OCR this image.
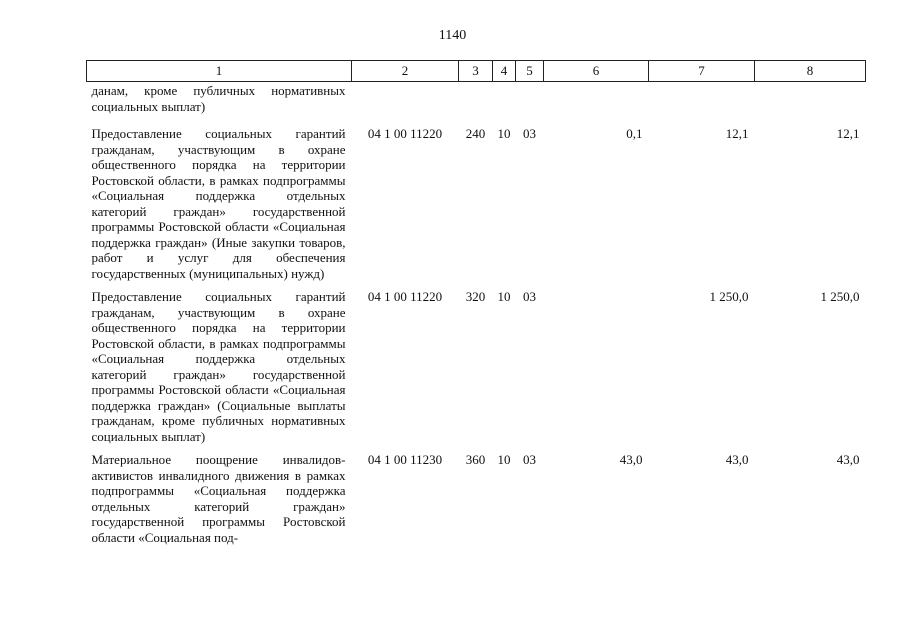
1140
1	2	3	4	5	6	7	8
данам, кроме публичных нормативных социальных выплат)							
Предоставление социальных гарантий гражданам, участвующим в охране общественного порядка на территории Ростовской области, в рамках подпрограммы «Социальная поддержка отдельных категорий граждан» государственной программы Ростовской области «Социальная поддержка граждан» (Иные закупки товаров, работ и услуг для обеспечения государственных (муниципальных) нужд)	04 1 00 11220	240	10	03	0,1	12,1	12,1
Предоставление социальных гарантий гражданам, участвующим в охране общественного порядка на территории Ростовской области, в рамках подпрограммы «Социальная поддержка отдельных категорий граждан» государственной программы Ростовской области «Социальная поддержка граждан» (Социальные выплаты гражданам, кроме публичных нормативных социальных выплат)	04 1 00 11220	320	10	03		1 250,0	1 250,0
Материальное поощрение инвалидов-активистов инвалидного движения в рамках подпрограммы «Социальная поддержка отдельных категорий граждан» государственной программы Ростовской области «Социальная под-	04 1 00 11230	360	10	03	43,0	43,0	43,0
